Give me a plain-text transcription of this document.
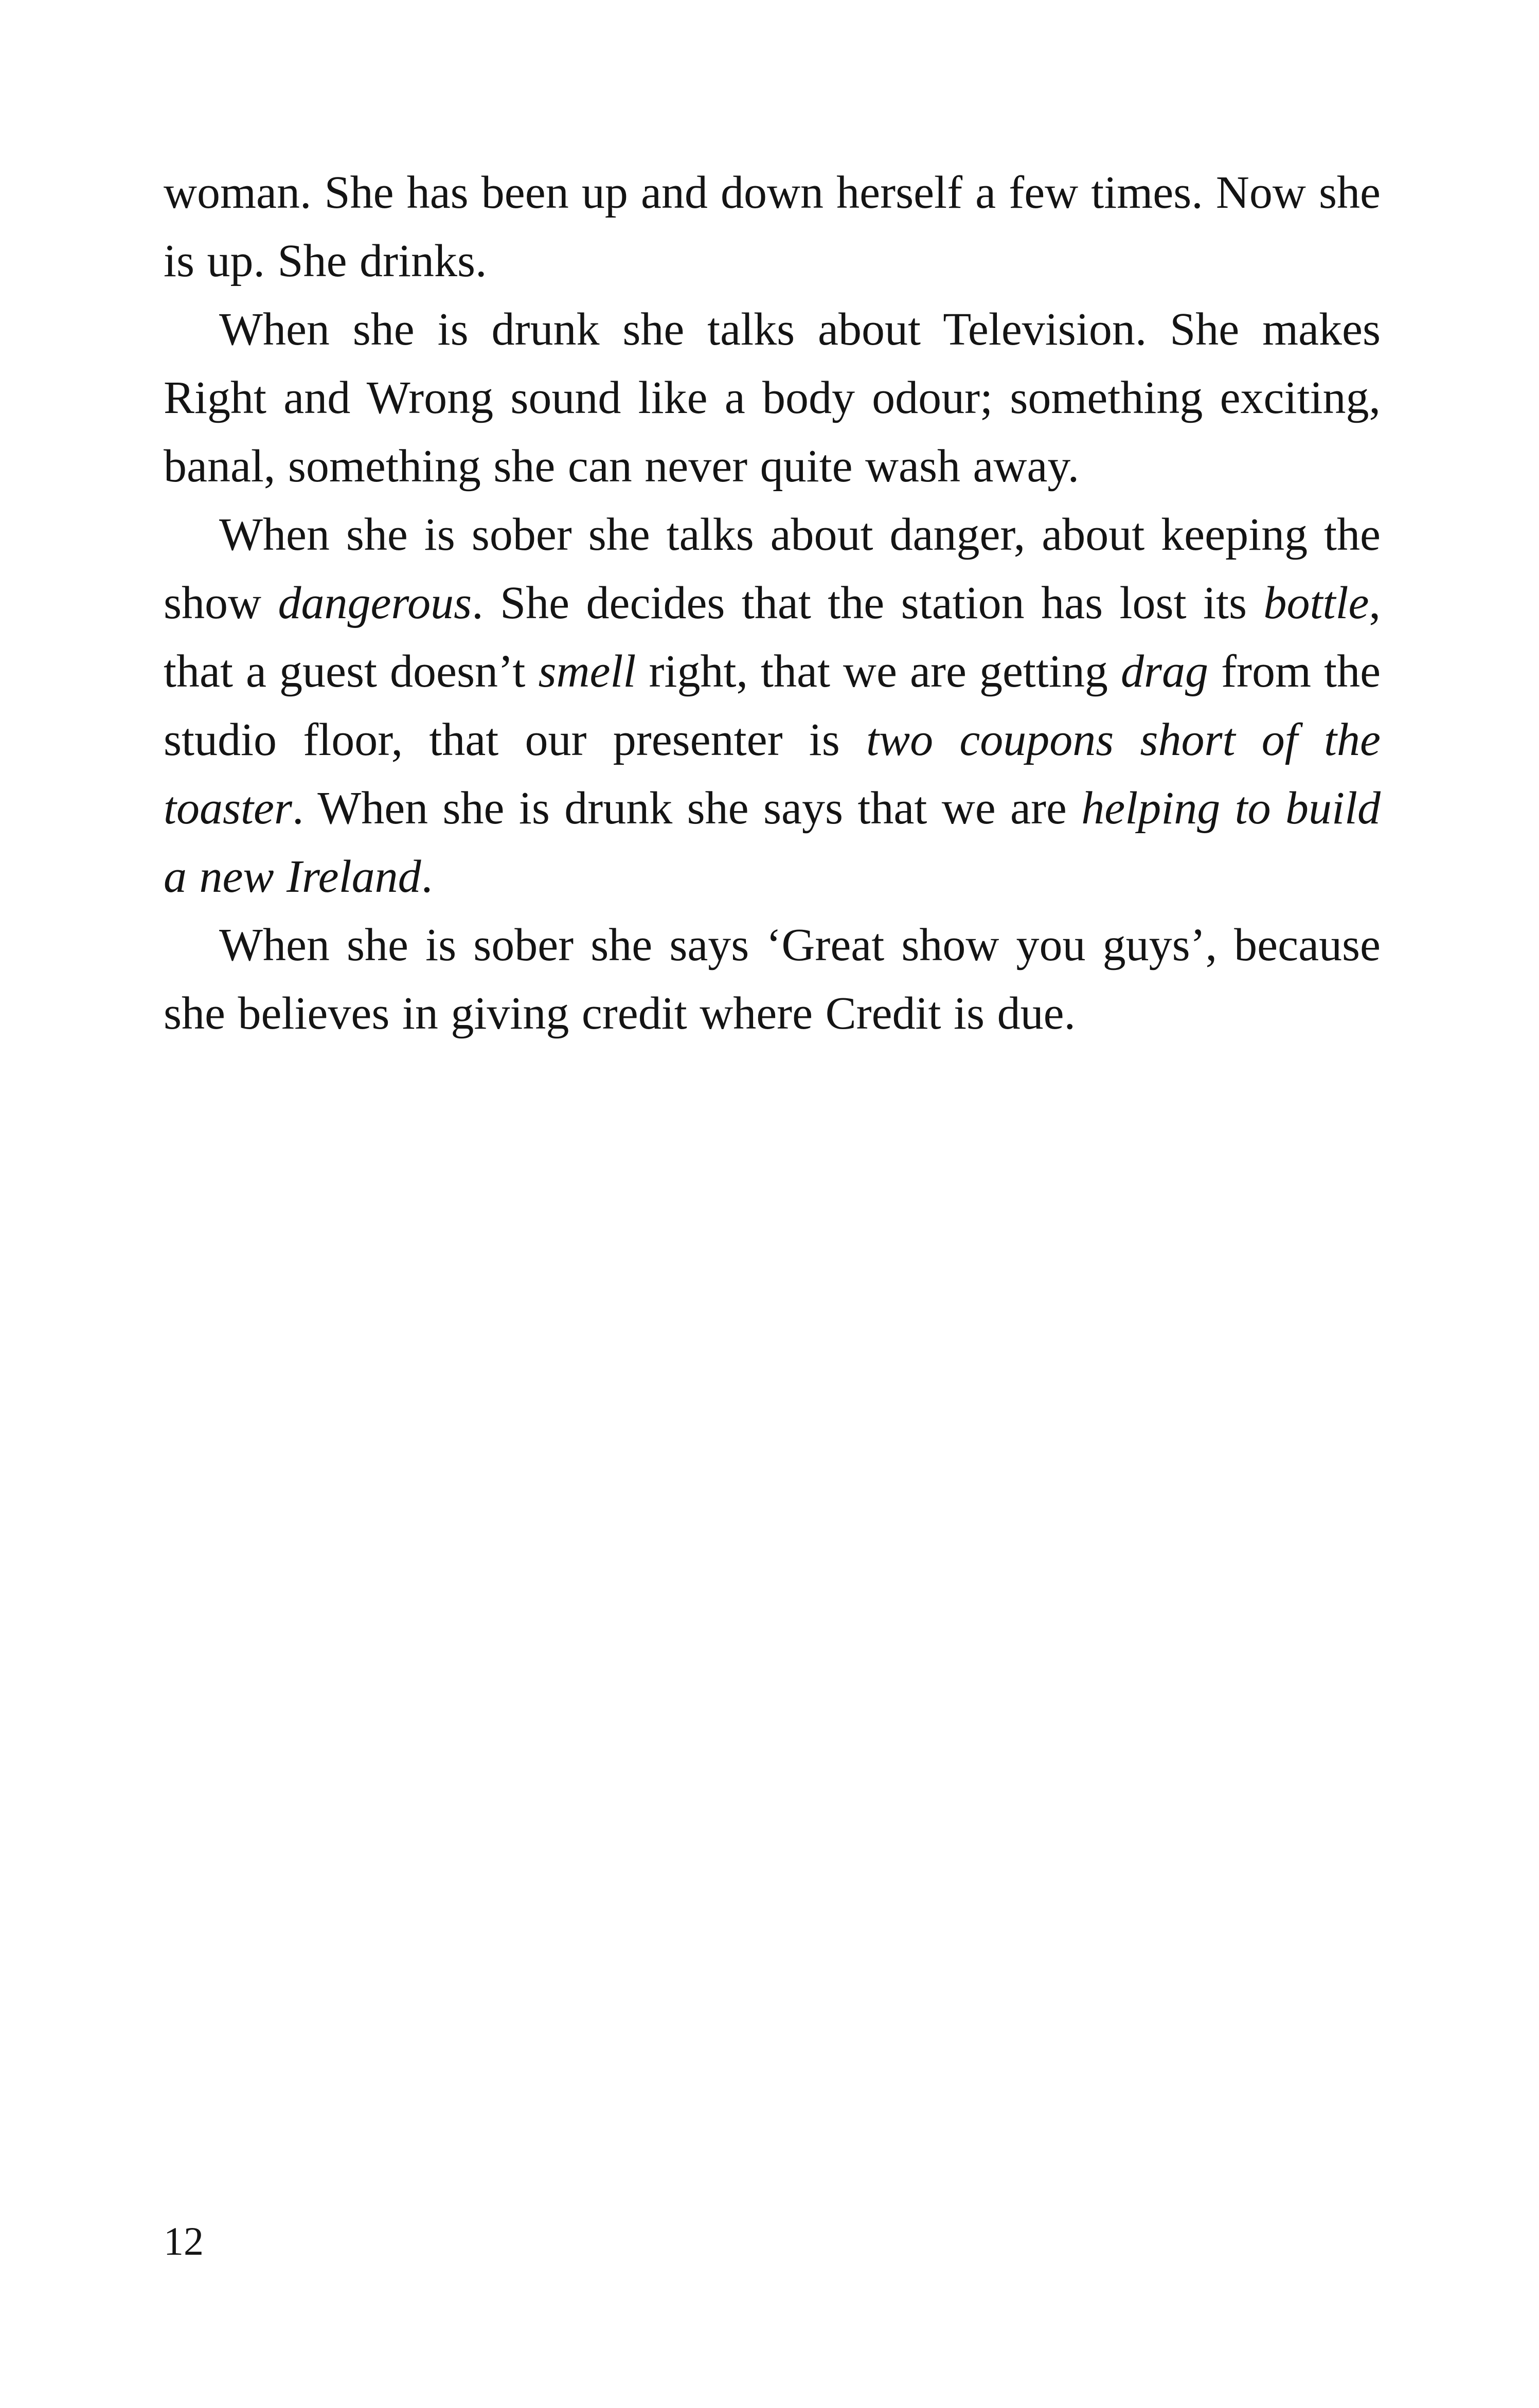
woman. She has been up and down herself a few times. Now she is up. She drinks.

When she is drunk she talks about Television. She makes Right and Wrong sound like a body odour; something exciting, banal, something she can never quite wash away.

When she is sober she talks about danger, about keeping the show dangerous. She decides that the station has lost its bottle, that a guest doesn’t smell right, that we are getting drag from the studio floor, that our presenter is two coupons short of the toaster. When she is drunk she says that we are helping to build a new Ireland.

When she is sober she says ‘Great show you guys’, because she believes in giving credit where Credit is due.

12
